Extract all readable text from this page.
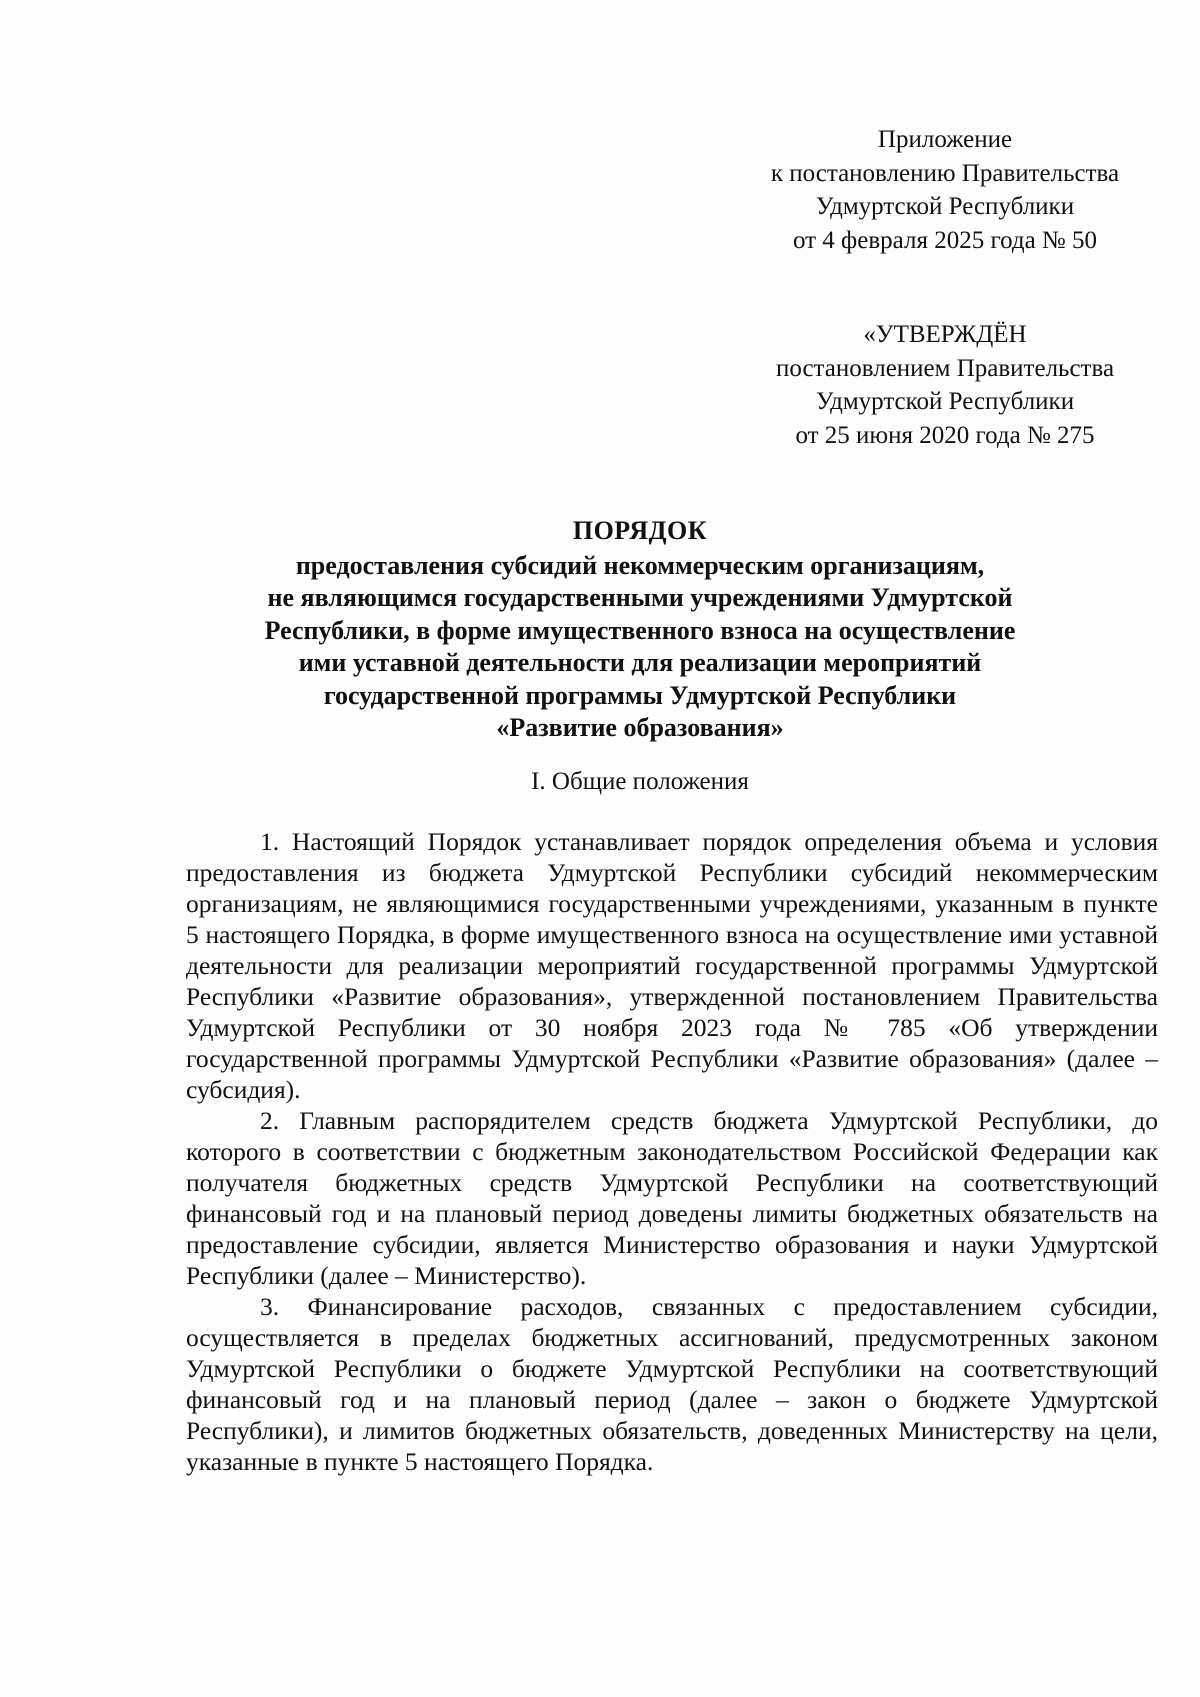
Приложение
к постановлению Правительства
Удмуртской Республики
от 4 февраля 2025 года № 50
«УТВЕРЖДЁН
постановлением Правительства
Удмуртской Республики
от 25 июня 2020 года № 275
ПОРЯДОК
предоставления субсидий некоммерческим организациям,
не являющимся государственными учреждениями Удмуртской
Республики, в форме имущественного взноса на осуществление
ими уставной деятельности для реализации мероприятий
государственной программы Удмуртской Республики
«Развитие образования»
I. Общие положения

1. Настоящий Порядок устанавливает порядок определения объема и условия предоставления из бюджета Удмуртской Республики субсидий некоммерческим организациям, не являющимися государственными учреждениями, указанным в пункте 5 настоящего Порядка, в форме имущественного взноса на осуществление ими уставной деятельности для реализации мероприятий государственной программы Удмуртской Республики «Развитие образования», утвержденной постановлением Правительства Удмуртской Республики от 30 ноября 2023 года № 785 «Об утверждении государственной программы Удмуртской Республики «Развитие образования» (далее – субсидия).

2. Главным распорядителем средств бюджета Удмуртской Республики, до которого в соответствии с бюджетным законодательством Российской Федерации как получателя бюджетных средств Удмуртской Республики на соответствующий финансовый год и на плановый период доведены лимиты бюджетных обязательств на предоставление субсидии, является Министерство образования и науки Удмуртской Республики (далее – Министерство).

3. Финансирование расходов, связанных с предоставлением субсидии, осуществляется в пределах бюджетных ассигнований, предусмотренных законом Удмуртской Республики о бюджете Удмуртской Республики на соответствующий финансовый год и на плановый период (далее – закон о бюджете Удмуртской Республики), и лимитов бюджетных обязательств, доведенных Министерству на цели, указанные в пункте 5 настоящего Порядка.
